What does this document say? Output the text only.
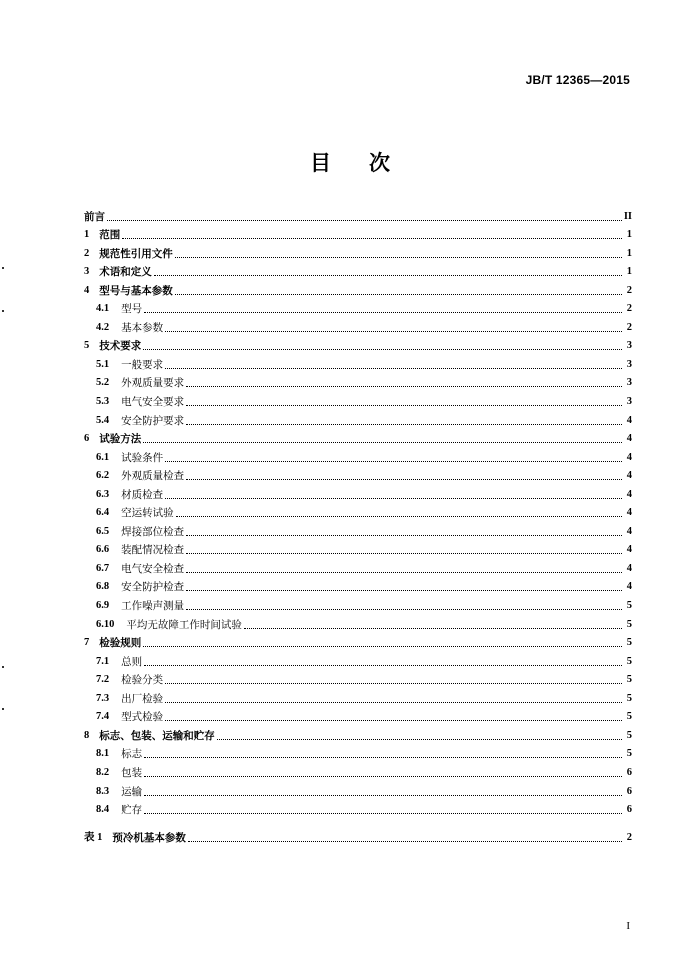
JB/T 12365—2015
目次
前言	II
1 范围	1
2 规范性引用文件	1
3 术语和定义	1
4 型号与基本参数	2
4.1 型号	2
4.2 基本参数	2
5 技术要求	3
5.1 一般要求	3
5.2 外观质量要求	3
5.3 电气安全要求	3
5.4 安全防护要求	4
6 试验方法	4
6.1 试验条件	4
6.2 外观质量检查	4
6.3 材质检查	4
6.4 空运转试验	4
6.5 焊接部位检查	4
6.6 装配情况检查	4
6.7 电气安全检查	4
6.8 安全防护检查	4
6.9 工作噪声测量	5
6.10 平均无故障工作时间试验	5
7 检验规则	5
7.1 总则	5
7.2 检验分类	5
7.3 出厂检验	5
7.4 型式检验	5
8 标志、包装、运输和贮存	5
8.1 标志	5
8.2 包装	6
8.3 运输	6
8.4 贮存	6
表 1 预冷机基本参数	2
I
